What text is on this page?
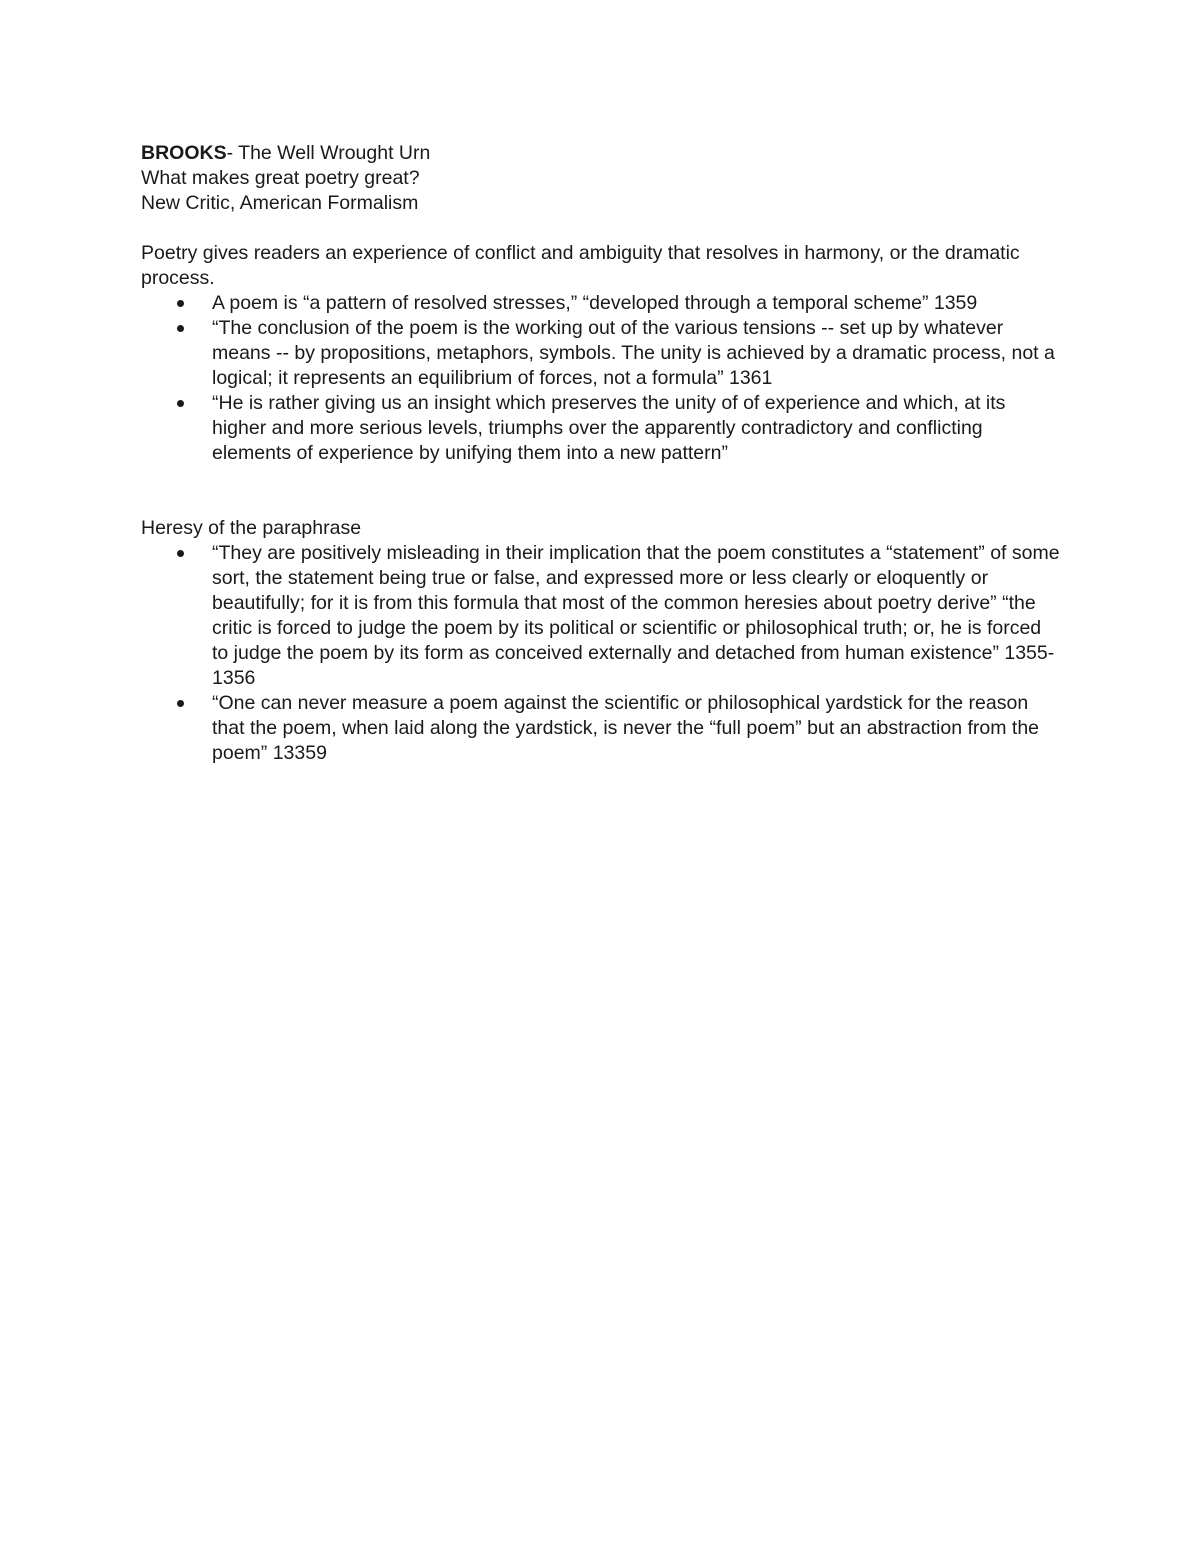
BROOKS- The Well Wrought Urn
What makes great poetry great?
New Critic, American Formalism
Poetry gives readers an experience of conflict and ambiguity that resolves in harmony, or the dramatic process.
A poem is “a pattern of resolved stresses,” “developed through a temporal scheme” 1359
“The conclusion of the poem is the working out of the various tensions -- set up by whatever means -- by propositions, metaphors, symbols. The unity is achieved by a dramatic process, not a logical; it represents an equilibrium of forces, not a formula” 1361
“He is rather giving us an insight which preserves the unity of of experience and which, at its higher and more serious levels, triumphs over the apparently contradictory and conflicting elements of experience by unifying them into a new pattern”
Heresy of the paraphrase
“They are positively misleading in their implication that the poem constitutes a “statement” of some sort, the statement being true or false, and expressed more or less clearly or eloquently or beautifully; for it is from this formula that most of the common heresies about poetry derive” “the critic is forced to judge the poem by its political or scientific or philosophical truth; or, he is forced to judge the poem by its form as conceived externally and detached from human existence” 1355-1356
“One can never measure a poem against the scientific or philosophical yardstick for the reason that the poem, when laid along the yardstick, is never the “full poem” but an abstraction from the poem” 13359
